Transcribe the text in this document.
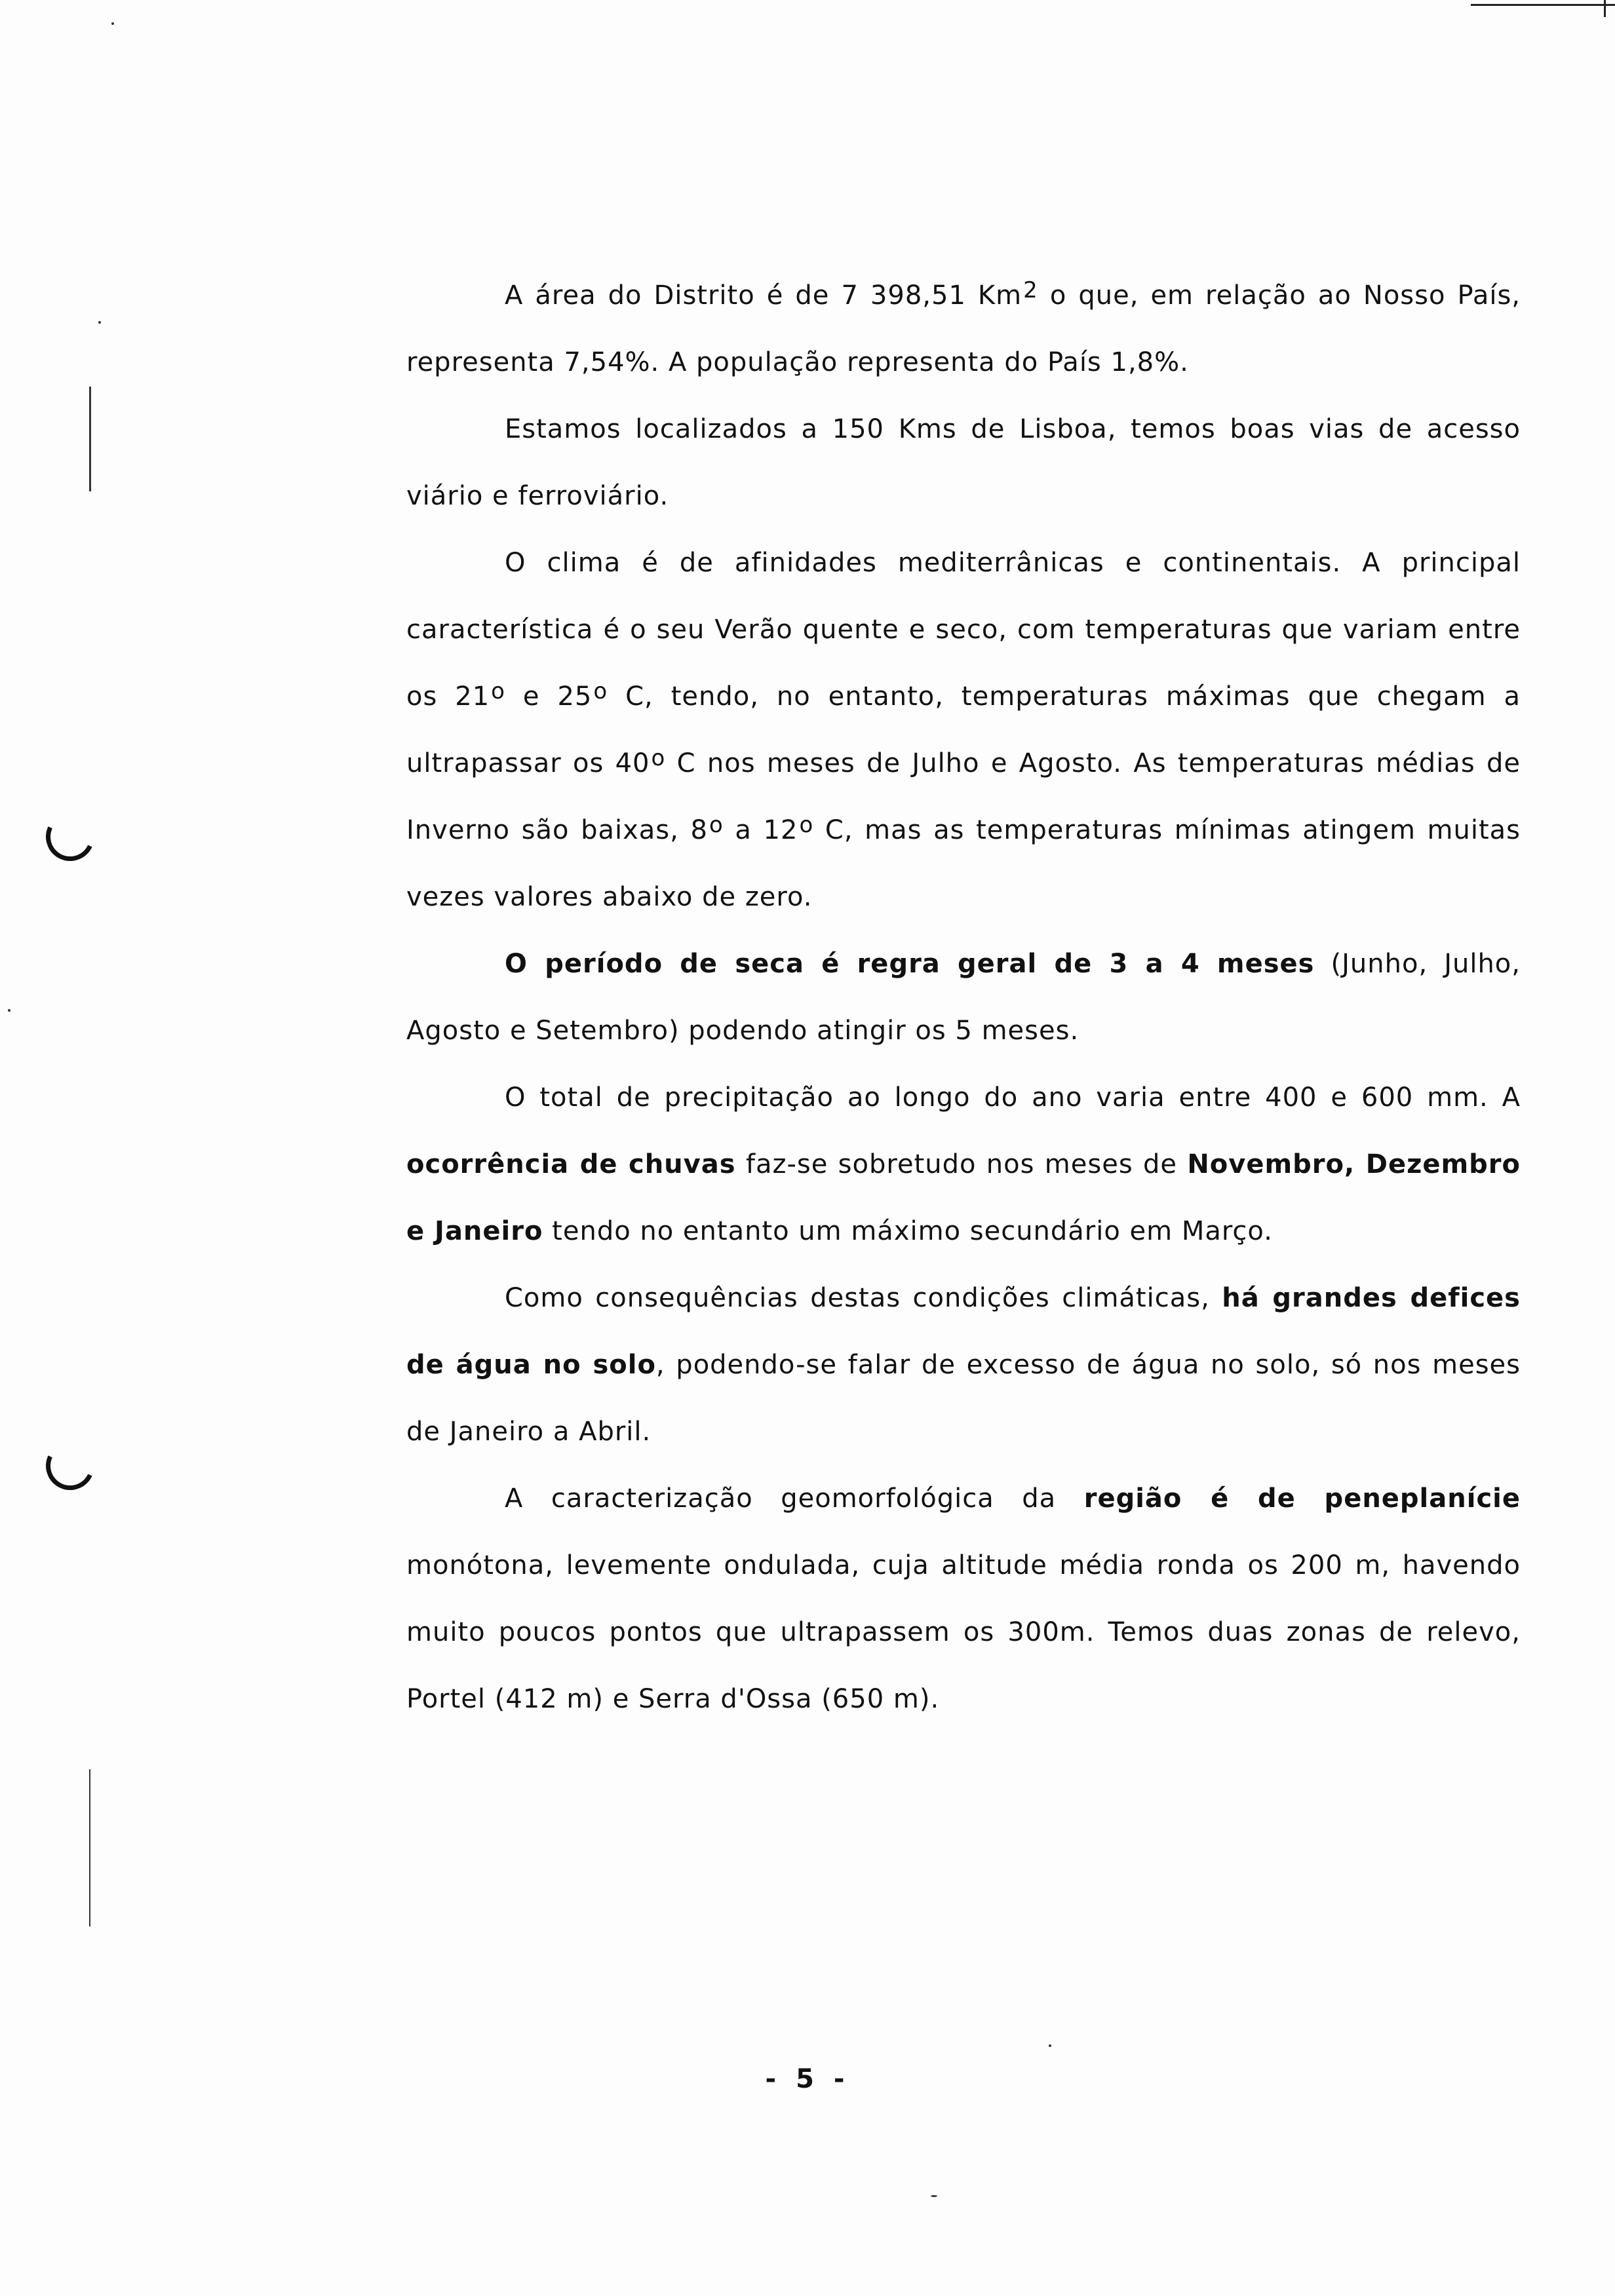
A área do Distrito é de 7 398,51 Km$^2$ o que, em relação ao Nosso País, representa 7,54%. A população representa do País 1,8%.

Estamos localizados a 150 Kms de Lisboa, temos boas vias de acesso viário e ferroviário.

O clima é de afinidades mediterrânicas e continentais. A principal característica é o seu Verão quente e seco, com temperaturas que variam entre os 21$^o$ e 25$^o$ C, tendo, no entanto, temperaturas máximas que chegam a ultrapassar os 40$^o$ C nos meses de Julho e Agosto. As temperaturas médias de Inverno são baixas, 8$^o$ a 12$^o$ C, mas as temperaturas mínimas atingem muitas vezes valores abaixo de zero.

O período de seca é regra geral de 3 a 4 meses (Junho, Julho, Agosto e Setembro) podendo atingir os 5 meses.

O total de precipitação ao longo do ano varia entre 400 e 600 mm. A ocorrência de chuvas faz-se sobretudo nos meses de Novembro, Dezembro e Janeiro tendo no entanto um máximo secundário em Março.

Como consequências destas condições climáticas, há grandes defices de água no solo, podendo-se falar de excesso de água no solo, só nos meses de Janeiro a Abril.

A caracterização geomorfológica da região é de peneplanície monótona, levemente ondulada, cuja altitude média ronda os 200 m, havendo muito poucos pontos que ultrapassem os 300m. Temos duas zonas de relevo, Portel (412 m) e Serra d'Ossa (650 m).

- 5 -
